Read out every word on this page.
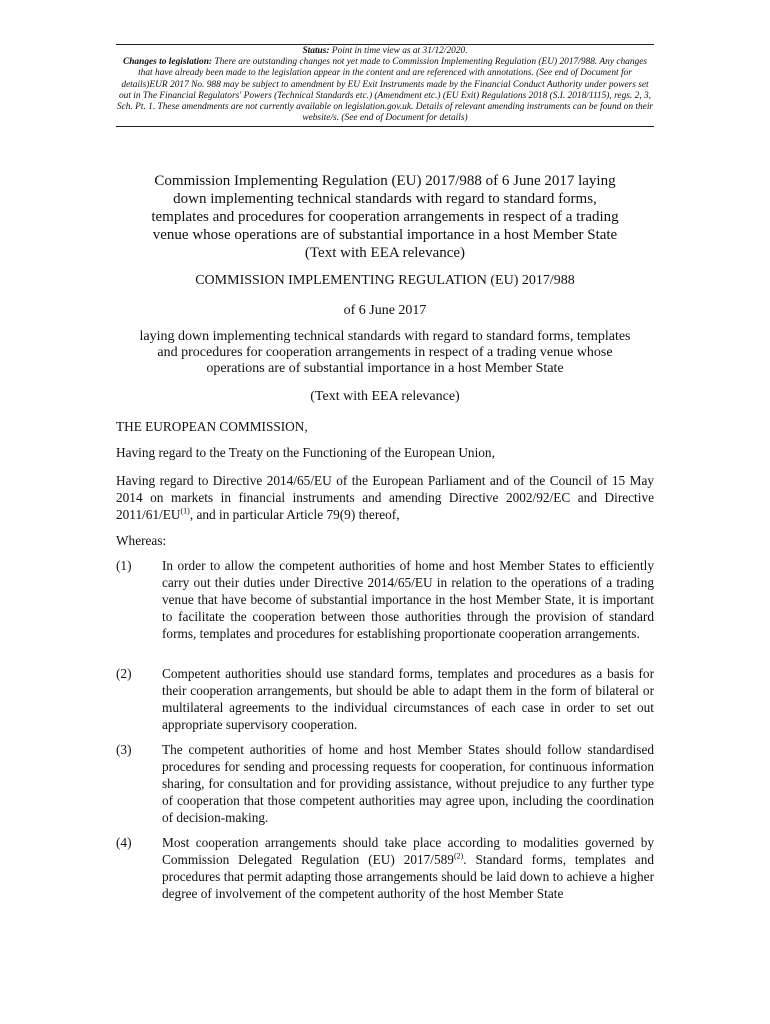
Status: Point in time view as at 31/12/2020.
Changes to legislation: There are outstanding changes not yet made to Commission Implementing Regulation (EU) 2017/988. Any changes that have already been made to the legislation appear in the content and are referenced with annotations. (See end of Document for details)EUR 2017 No. 988 may be subject to amendment by EU Exit Instruments made by the Financial Conduct Authority under powers set out in The Financial Regulators' Powers (Technical Standards etc.) (Amendment etc.) (EU Exit) Regulations 2018 (S.I. 2018/1115), regs. 2, 3, Sch. Pt. 1. These amendments are not currently available on legislation.gov.uk. Details of relevant amending instruments can be found on their website/s. (See end of Document for details)
Commission Implementing Regulation (EU) 2017/988 of 6 June 2017 laying down implementing technical standards with regard to standard forms, templates and procedures for cooperation arrangements in respect of a trading venue whose operations are of substantial importance in a host Member State (Text with EEA relevance)
COMMISSION IMPLEMENTING REGULATION (EU) 2017/988
of 6 June 2017
laying down implementing technical standards with regard to standard forms, templates and procedures for cooperation arrangements in respect of a trading venue whose operations are of substantial importance in a host Member State
(Text with EEA relevance)
THE EUROPEAN COMMISSION,
Having regard to the Treaty on the Functioning of the European Union,
Having regard to Directive 2014/65/EU of the European Parliament and of the Council of 15 May 2014 on markets in financial instruments and amending Directive 2002/92/EC and Directive 2011/61/EU$^{(1)}$, and in particular Article 79(9) thereof,
Whereas:
(1) In order to allow the competent authorities of home and host Member States to efficiently carry out their duties under Directive 2014/65/EU in relation to the operations of a trading venue that have become of substantial importance in the host Member State, it is important to facilitate the cooperation between those authorities through the provision of standard forms, templates and procedures for establishing proportionate cooperation arrangements.
(2) Competent authorities should use standard forms, templates and procedures as a basis for their cooperation arrangements, but should be able to adapt them in the form of bilateral or multilateral agreements to the individual circumstances of each case in order to set out appropriate supervisory cooperation.
(3) The competent authorities of home and host Member States should follow standardised procedures for sending and processing requests for cooperation, for continuous information sharing, for consultation and for providing assistance, without prejudice to any further type of cooperation that those competent authorities may agree upon, including the coordination of decision-making.
(4) Most cooperation arrangements should take place according to modalities governed by Commission Delegated Regulation (EU) 2017/589$^{(2)}$. Standard forms, templates and procedures that permit adapting those arrangements should be laid down to achieve a higher degree of involvement of the competent authority of the host Member State
